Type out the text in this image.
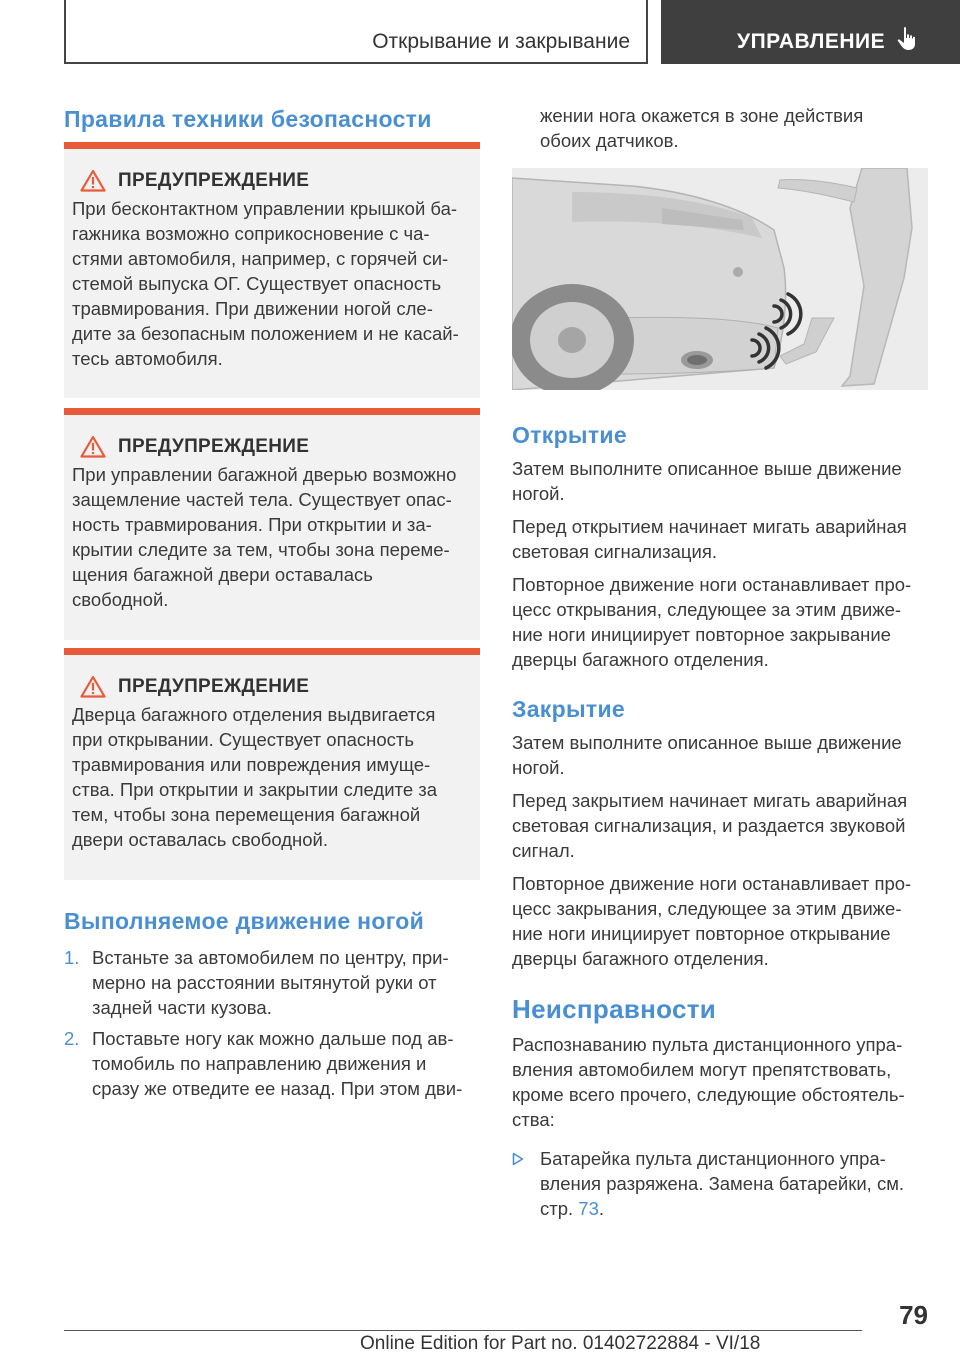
Открывание и закрывание	УПРАВЛЕНИЕ
Правила техники безопасности
ПРЕДУПРЕЖДЕНИЕ

При бесконтактном управлении крышкой ба-

гажника возможно соприкосновение с ча-

стями автомобиля, например, с горячей си-

стемой выпуска ОГ. Существует опасность

травмирования. При движении ногой сле-

дите за безопасным положением и не касай-

тесь автомобиля.

ПРЕДУПРЕЖДЕНИЕ

При управлении багажной дверью возможно

защемление частей тела. Существует опас-

ность травмирования. При открытии и за-

крытии следите за тем, чтобы зона переме-

щения багажной двери оставалась

свободной.

ПРЕДУПРЕЖДЕНИЕ

Дверца багажного отделения выдвигается

при открывании. Существует опасность

травмирования или повреждения имуще-

ства. При открытии и закрытии следите за

тем, чтобы зона перемещения багажной

двери оставалась свободной.

Выполняемое движение ногой
1. Встаньте за автомобилем по центру, при-
мерно на расстоянии вытянутой руки от
задней части кузова.
2. Поставьте ногу как можно дальше под ав-
томобиль по направлению движения и
сразу же отведите ее назад. При этом дви-

жении нога окажется в зоне действия

обоих датчиков.

Открытие

Затем выполните описанное выше движение

ногой.

Перед открытием начинает мигать аварийная

световая сигнализация.

Повторное движение ноги останавливает про-

цесс открывания, следующее за этим движе-

ние ноги инициирует повторное закрывание

дверцы багажного отделения.

Закрытие

Затем выполните описанное выше движение

ногой.

Перед закрытием начинает мигать аварийная

световая сигнализация, и раздается звуковой

сигнал.

Повторное движение ноги останавливает про-

цесс закрывания, следующее за этим движе-

ние ноги инициирует повторное открывание

дверцы багажного отделения.

Неисправности

Распознаванию пульта дистанционного упра-

вления автомобилем могут препятствовать,

кроме всего прочего, следующие обстоятель-

ства:

Батарейка пульта дистанционного упра-
вления разряжена. Замена батарейки, см.
стр. 73.
79
Online Edition for Part no. 01402722884 - VI/18
